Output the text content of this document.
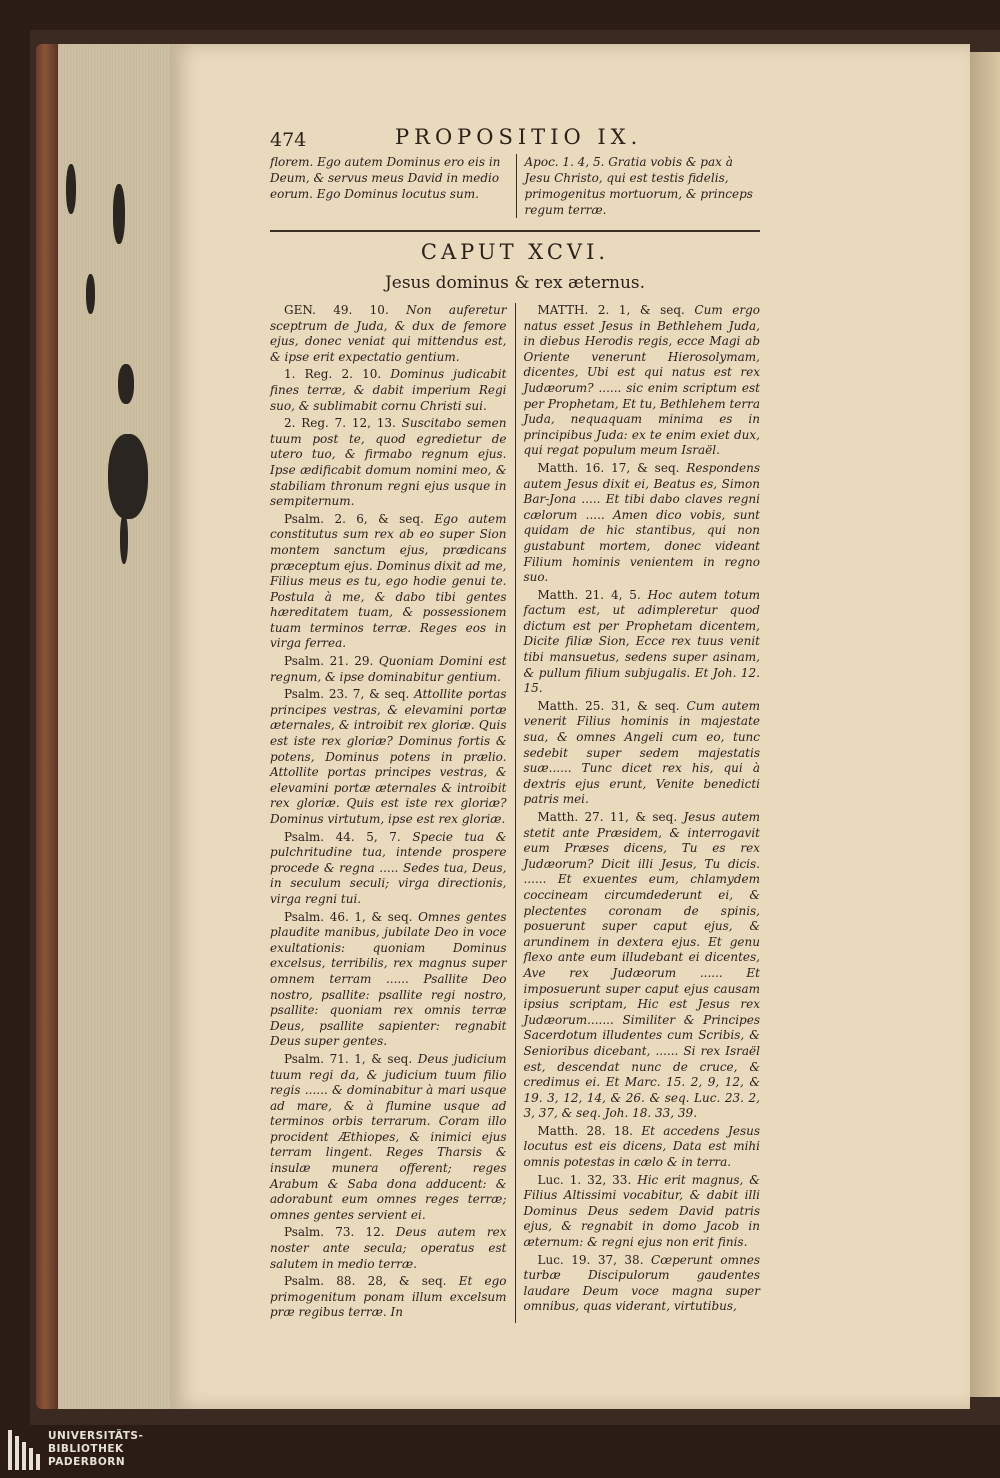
474	PROPOSITIO IX.
florem. Ego autem Dominus ero eis in Deum, & servus meus David in medio eorum. Ego Dominus locutus sum.
Apoc. 1. 4, 5. Gratia vobis & pax à Jesu Christo, qui est testis fidelis, primogenitus mortuorum, & princeps regum terræ.
CAPUT XCVI.
Jesus dominus & rex æternus.

GEN. 49. 10. Non auferetur sceptrum de Juda, & dux de femore ejus, donec veniat qui mittendus est, & ipse erit expectatio gentium.

1. Reg. 2. 10. Dominus judicabit fines terræ, & dabit imperium Regi suo, & sublimabit cornu Christi sui.

2. Reg. 7. 12, 13. Suscitabo semen tuum post te, quod egredietur de utero tuo, & firmabo regnum ejus. Ipse ædificabit domum nomini meo, & stabiliam thronum regni ejus usque in sempiternum.

Psalm. 2. 6, & seq. Ego autem constitutus sum rex ab eo super Sion montem sanctum ejus, prædicans præceptum ejus. Dominus dixit ad me, Filius meus es tu, ego hodie genui te. Postula à me, & dabo tibi gentes hæreditatem tuam, & possessionem tuam terminos terræ. Reges eos in virga ferrea.

Psalm. 21. 29. Quoniam Domini est regnum, & ipse dominabitur gentium.

Psalm. 23. 7, & seq. Attollite portas principes vestras, & elevamini portæ æternales, & introibit rex gloriæ. Quis est iste rex gloriæ? Dominus fortis & potens, Dominus potens in prælio. Attollite portas principes vestras, & elevamini portæ æternales & introibit rex gloriæ. Quis est iste rex gloriæ? Dominus virtutum, ipse est rex gloriæ.

Psalm. 44. 5, 7. Specie tua & pulchritudine tua, intende prospere procede & regna ..... Sedes tua, Deus, in seculum seculi; virga directionis, virga regni tui.

Psalm. 46. 1, & seq. Omnes gentes plaudite manibus, jubilate Deo in voce exultationis: quoniam Dominus excelsus, terribilis, rex magnus super omnem terram ...... Psallite Deo nostro, psallite: psallite regi nostro, psallite: quoniam rex omnis terræ Deus, psallite sapienter: regnabit Deus super gentes.

Psalm. 71. 1, & seq. Deus judicium tuum regi da, & judicium tuum filio regis ...... & dominabitur à mari usque ad mare, & à flumine usque ad terminos orbis terrarum. Coram illo procident Æthiopes, & inimici ejus terram lingent. Reges Tharsis & insulæ munera offerent; reges Arabum & Saba dona adducent: & adorabunt eum omnes reges terræ; omnes gentes servient ei.

Psalm. 73. 12. Deus autem rex noster ante secula; operatus est salutem in medio terræ.

Psalm. 88. 28, & seq. Et ego primogenitum ponam illum excelsum præ regibus terræ. In

MATTH. 2. 1, & seq. Cum ergo natus esset Jesus in Bethlehem Juda, in diebus Herodis regis, ecce Magi ab Oriente venerunt Hierosolymam, dicentes, Ubi est qui natus est rex Judæorum? ...... sic enim scriptum est per Prophetam, Et tu, Bethlehem terra Juda, nequaquam minima es in principibus Juda: ex te enim exiet dux, qui regat populum meum Israël.

Matth. 16. 17, & seq. Respondens autem Jesus dixit ei, Beatus es, Simon Bar-Jona ..... Et tibi dabo claves regni cælorum ..... Amen dico vobis, sunt quidam de hic stantibus, qui non gustabunt mortem, donec videant Filium hominis venientem in regno suo.

Matth. 21. 4, 5. Hoc autem totum factum est, ut adimpleretur quod dictum est per Prophetam dicentem, Dicite filiæ Sion, Ecce rex tuus venit tibi mansuetus, sedens super asinam, & pullum filium subjugalis. Et Joh. 12. 15.

Matth. 25. 31, & seq. Cum autem venerit Filius hominis in majestate sua, & omnes Angeli cum eo, tunc sedebit super sedem majestatis suæ...... Tunc dicet rex his, qui à dextris ejus erunt, Venite benedicti patris mei.

Matth. 27. 11, & seq. Jesus autem stetit ante Præsidem, & interrogavit eum Præses dicens, Tu es rex Judæorum? Dicit illi Jesus, Tu dicis. ...... Et exuentes eum, chlamydem coccineam circumdederunt ei, & plectentes coronam de spinis, posuerunt super caput ejus, & arundinem in dextera ejus. Et genu flexo ante eum illudebant ei dicentes, Ave rex Judæorum ...... Et imposuerunt super caput ejus causam ipsius scriptam, Hic est Jesus rex Judæorum....... Similiter & Principes Sacerdotum illudentes cum Scribis, & Senioribus dicebant, ...... Si rex Israël est, descendat nunc de cruce, & credimus ei. Et Marc. 15. 2, 9, 12, & 19. 3, 12, 14, & 26. & seq. Luc. 23. 2, 3, 37, & seq. Joh. 18. 33, 39.

Matth. 28. 18. Et accedens Jesus locutus est eis dicens, Data est mihi omnis potestas in cælo & in terra.

Luc. 1. 32, 33. Hic erit magnus, & Filius Altissimi vocabitur, & dabit illi Dominus Deus sedem David patris ejus, & regnabit in domo Jacob in æternum: & regni ejus non erit finis.

Luc. 19. 37, 38. Cœperunt omnes turbæ Discipulorum gaudentes laudare Deum voce magna super omnibus, quas viderant, virtutibus,

UNIVERSITÄTS-
BIBLIOTHEK
PADERBORN
